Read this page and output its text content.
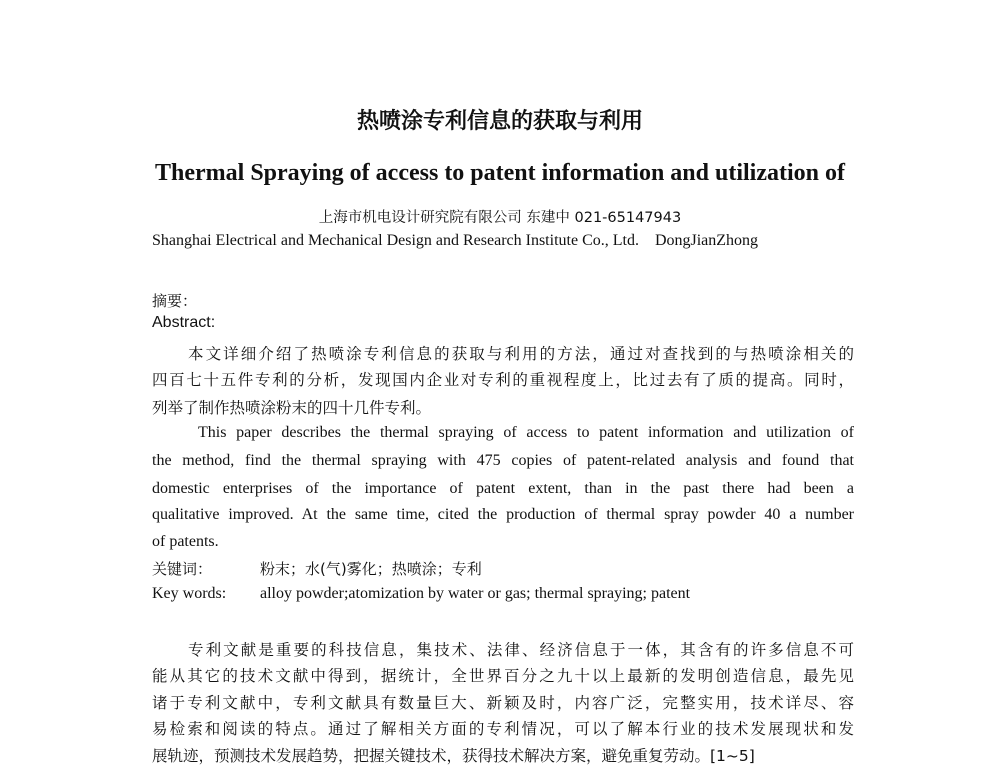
热喷涂专利信息的获取与利用
Thermal Spraying of access to patent information and utilization of
上海市机电设计研究院有限公司 东建中 021-65147943
Shanghai Electrical and Mechanical Design and Research Institute Co., Ltd.    DongJianZhong
摘要：
Abstract:
本文详细介绍了热喷涂专利信息的获取与利用的方法，通过对查找到的与热喷涂相关的
四百七十五件专利的分析，发现国内企业对专利的重视程度上，比过去有了质的提高。同时，
列举了制作热喷涂粉末的四十几件专利。
This paper describes the thermal spraying of access to patent information and utilization of
the method, find the thermal spraying with 475 copies of patent-related analysis and found that
domestic enterprises of the importance of patent extent, than in the past there had been a
qualitative improved. At the same time, cited the production of thermal spray powder 40 a number
of patents.
关键词：	粉末；水(气)雾化；热喷涂；专利
Key words: alloy powder;atomization by water or gas; thermal spraying; patent
专利文献是重要的科技信息，集技术、法律、经济信息于一体，其含有的许多信息不可
能从其它的技术文献中得到，据统计，全世界百分之九十以上最新的发明创造信息，最先见
诸于专利文献中，专利文献具有数量巨大、新颖及时，内容广泛，完整实用，技术详尽、容
易检索和阅读的特点。通过了解相关方面的专利情况，可以了解本行业的技术发展现状和发
展轨迹，预测技术发展趋势，把握关键技术，获得技术解决方案，避免重复劳动。[1~5]
